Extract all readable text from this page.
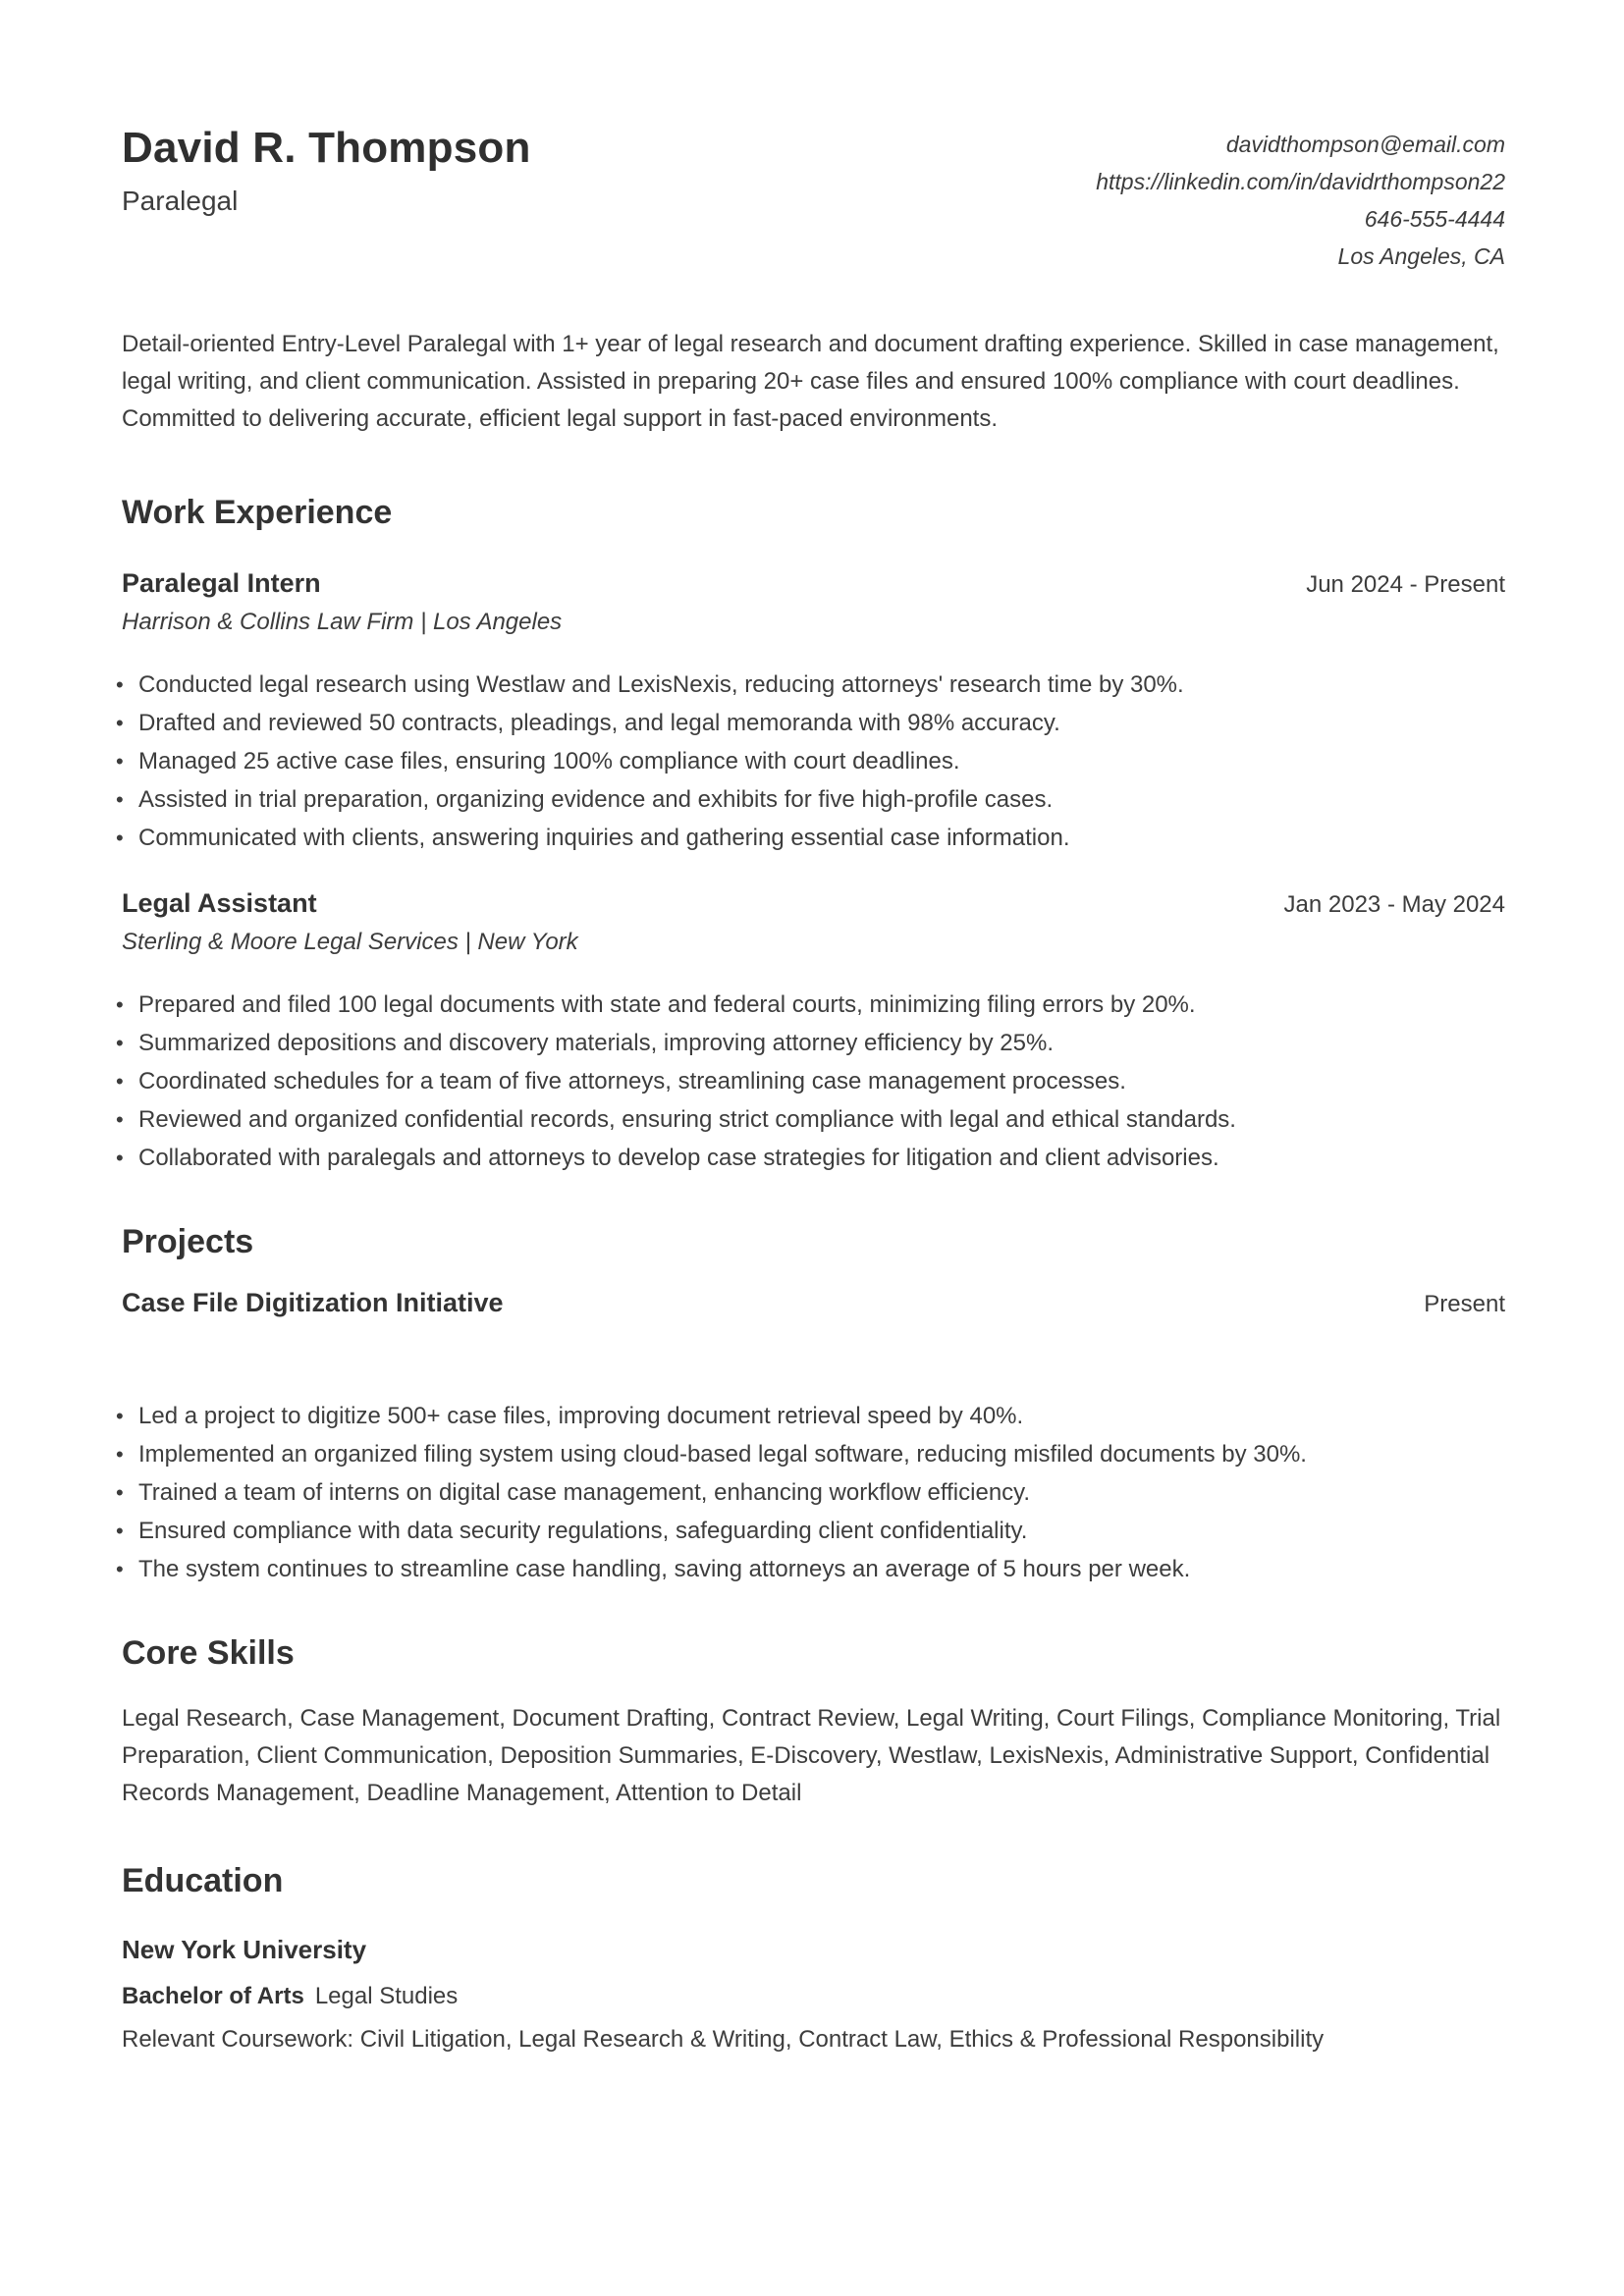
David R. Thompson
Paralegal
davidthompson@email.com
https://linkedin.com/in/davidrthompson22
646-555-4444
Los Angeles, CA

Detail-oriented Entry-Level Paralegal with 1+ year of legal research and document drafting experience. Skilled in case management, legal writing, and client communication. Assisted in preparing 20+ case files and ensured 100% compliance with court deadlines. Committed to delivering accurate, efficient legal support in fast-paced environments.

Work Experience
Paralegal Intern	Jun 2024 - Present
Harrison & Collins Law Firm | Los Angeles
• Conducted legal research using Westlaw and LexisNexis, reducing attorneys' research time by 30%.
• Drafted and reviewed 50 contracts, pleadings, and legal memoranda with 98% accuracy.
• Managed 25 active case files, ensuring 100% compliance with court deadlines.
• Assisted in trial preparation, organizing evidence and exhibits for five high-profile cases.
• Communicated with clients, answering inquiries and gathering essential case information.
Legal Assistant	Jan 2023 - May 2024
Sterling & Moore Legal Services | New York
• Prepared and filed 100 legal documents with state and federal courts, minimizing filing errors by 20%.
• Summarized depositions and discovery materials, improving attorney efficiency by 25%.
• Coordinated schedules for a team of five attorneys, streamlining case management processes.
• Reviewed and organized confidential records, ensuring strict compliance with legal and ethical standards.
• Collaborated with paralegals and attorneys to develop case strategies for litigation and client advisories.
Projects
Case File Digitization Initiative	Present
• Led a project to digitize 500+ case files, improving document retrieval speed by 40%.
• Implemented an organized filing system using cloud-based legal software, reducing misfiled documents by 30%.
• Trained a team of interns on digital case management, enhancing workflow efficiency.
• Ensured compliance with data security regulations, safeguarding client confidentiality.
• The system continues to streamline case handling, saving attorneys an average of 5 hours per week.
Core Skills

Legal Research, Case Management, Document Drafting, Contract Review, Legal Writing, Court Filings, Compliance Monitoring, Trial Preparation, Client Communication, Deposition Summaries, E-Discovery, Westlaw, LexisNexis, Administrative Support, Confidential Records Management, Deadline Management, Attention to Detail

Education
New York University
Bachelor of Arts Legal Studies
Relevant Coursework: Civil Litigation, Legal Research & Writing, Contract Law, Ethics & Professional Responsibility
